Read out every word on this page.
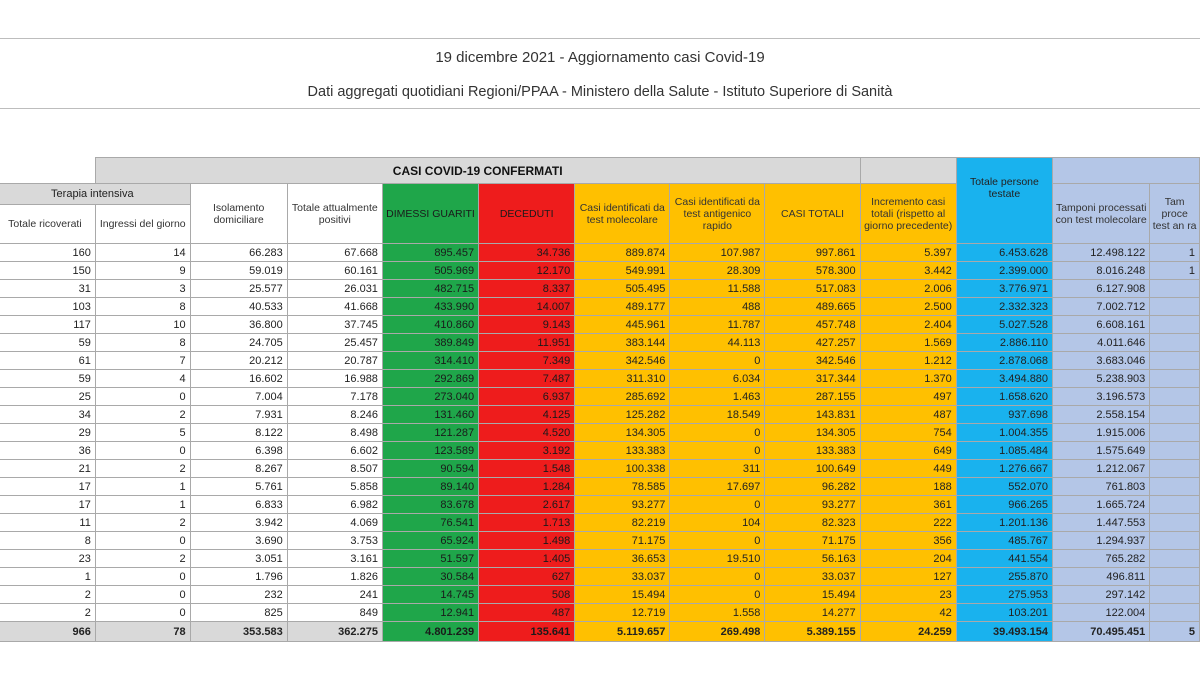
19 dicembre 2021 - Aggiornamento casi Covid-19
Dati aggregati quotidiani Regioni/PPAA - Ministero della Salute - Istituto Superiore di Sanità
	CASI COVID-19 CONFERMATI									Totale persone testate		
Terapia intensiva		Isolamento domiciliare	Totale attualmente positivi	DIMESSI GUARITI	DECEDUTI	Casi identificati da test molecolare	Casi identificati da test antigenico rapido	CASI TOTALI	Incremento casi totali (rispetto al giorno precedente)		Tamponi processati con test molecolare	Tam proce test an ra
Totale ricoverati	Ingressi del giorno											
160	14	66.283	67.668	895.457	34.736	889.874	107.987	997.861	5.397	6.453.628	12.498.122	1
150	9	59.019	60.161	505.969	12.170	549.991	28.309	578.300	3.442	2.399.000	8.016.248	1
31	3	25.577	26.031	482.715	8.337	505.495	11.588	517.083	2.006	3.776.971	6.127.908	
103	8	40.533	41.668	433.990	14.007	489.177	488	489.665	2.500	2.332.323	7.002.712	
117	10	36.800	37.745	410.860	9.143	445.961	11.787	457.748	2.404	5.027.528	6.608.161	
59	8	24.705	25.457	389.849	11.951	383.144	44.113	427.257	1.569	2.886.110	4.011.646	
61	7	20.212	20.787	314.410	7.349	342.546	0	342.546	1.212	2.878.068	3.683.046	
59	4	16.602	16.988	292.869	7.487	311.310	6.034	317.344	1.370	3.494.880	5.238.903	
25	0	7.004	7.178	273.040	6.937	285.692	1.463	287.155	497	1.658.620	3.196.573	
34	2	7.931	8.246	131.460	4.125	125.282	18.549	143.831	487	937.698	2.558.154	
29	5	8.122	8.498	121.287	4.520	134.305	0	134.305	754	1.004.355	1.915.006	
36	0	6.398	6.602	123.589	3.192	133.383	0	133.383	649	1.085.484	1.575.649	
21	2	8.267	8.507	90.594	1.548	100.338	311	100.649	449	1.276.667	1.212.067	
17	1	5.761	5.858	89.140	1.284	78.585	17.697	96.282	188	552.070	761.803	
17	1	6.833	6.982	83.678	2.617	93.277	0	93.277	361	966.265	1.665.724	
11	2	3.942	4.069	76.541	1.713	82.219	104	82.323	222	1.201.136	1.447.553	
8	0	3.690	3.753	65.924	1.498	71.175	0	71.175	356	485.767	1.294.937	
23	2	3.051	3.161	51.597	1.405	36.653	19.510	56.163	204	441.554	765.282	
1	0	1.796	1.826	30.584	627	33.037	0	33.037	127	255.870	496.811	
2	0	232	241	14.745	508	15.494	0	15.494	23	275.953	297.142	
2	0	825	849	12.941	487	12.719	1.558	14.277	42	103.201	122.004	
966	78	353.583	362.275	4.801.239	135.641	5.119.657	269.498	5.389.155	24.259	39.493.154	70.495.451	5
